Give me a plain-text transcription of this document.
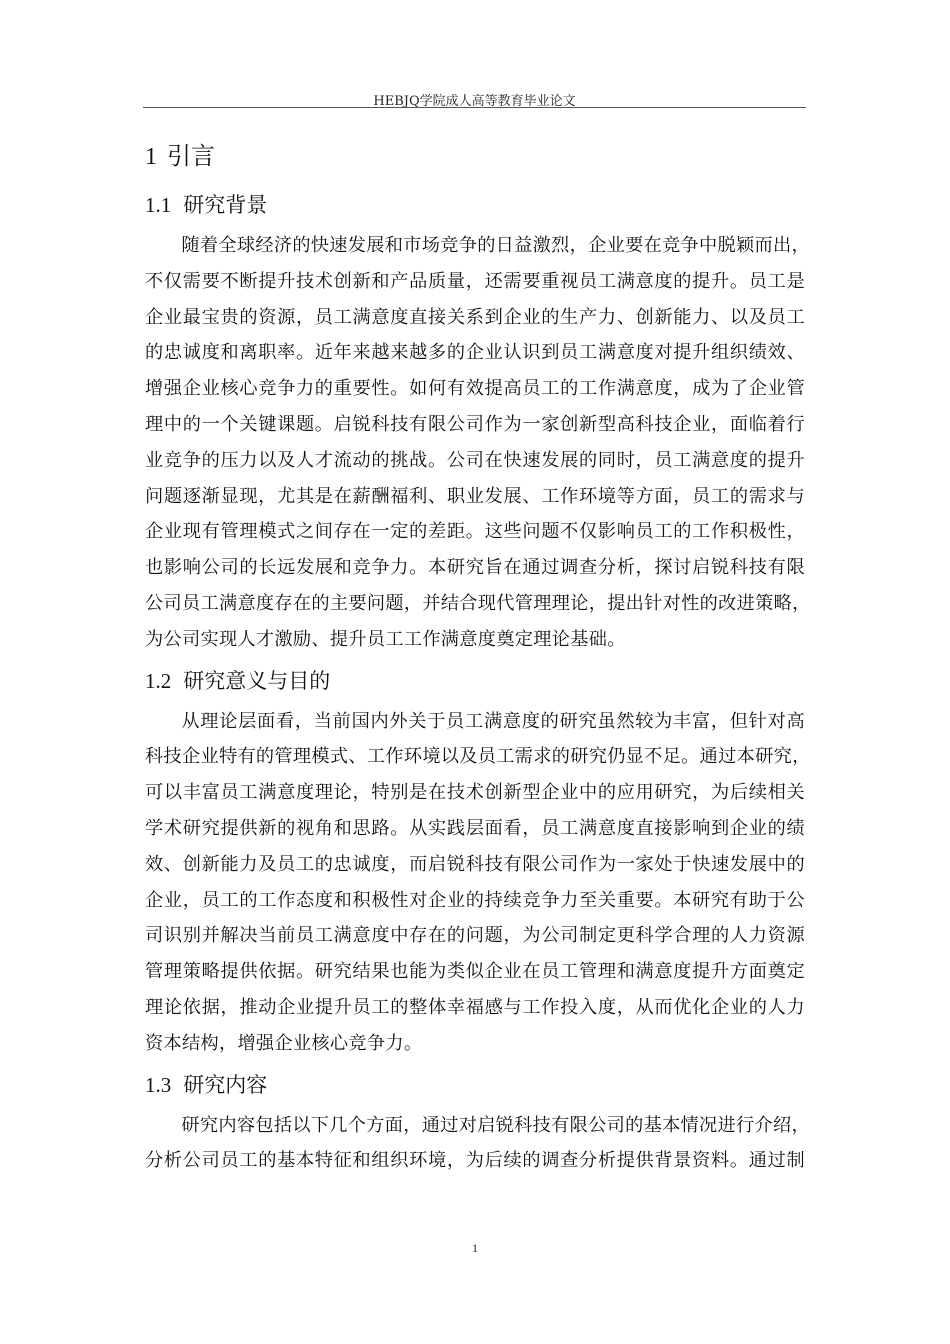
HEBJQ学院成人高等教育毕业论文
1 引言
1.1 研究背景

随着全球经济的快速发展和市场竞争的日益激烈，企业要在竞争中脱颖而出，
不仅需要不断提升技术创新和产品质量，还需要重视员工满意度的提升。员工是
企业最宝贵的资源，员工满意度直接关系到企业的生产力、创新能力、以及员工
的忠诚度和离职率。近年来越来越多的企业认识到员工满意度对提升组织绩效、
增强企业核心竞争力的重要性。如何有效提高员工的工作满意度，成为了企业管
理中的一个关键课题。启锐科技有限公司作为一家创新型高科技企业，面临着行
业竞争的压力以及人才流动的挑战。公司在快速发展的同时，员工满意度的提升
问题逐渐显现，尤其是在薪酬福利、职业发展、工作环境等方面，员工的需求与
企业现有管理模式之间存在一定的差距。这些问题不仅影响员工的工作积极性，
也影响公司的长远发展和竞争力。本研究旨在通过调查分析，探讨启锐科技有限
公司员工满意度存在的主要问题，并结合现代管理理论，提出针对性的改进策略，
为公司实现人才激励、提升员工工作满意度奠定理论基础。

1.2 研究意义与目的

从理论层面看，当前国内外关于员工满意度的研究虽然较为丰富，但针对高
科技企业特有的管理模式、工作环境以及员工需求的研究仍显不足。通过本研究，
可以丰富员工满意度理论，特别是在技术创新型企业中的应用研究，为后续相关
学术研究提供新的视角和思路。从实践层面看，员工满意度直接影响到企业的绩
效、创新能力及员工的忠诚度，而启锐科技有限公司作为一家处于快速发展中的
企业，员工的工作态度和积极性对企业的持续竞争力至关重要。本研究有助于公
司识别并解决当前员工满意度中存在的问题，为公司制定更科学合理的人力资源
管理策略提供依据。研究结果也能为类似企业在员工管理和满意度提升方面奠定
理论依据，推动企业提升员工的整体幸福感与工作投入度，从而优化企业的人力
资本结构，增强企业核心竞争力。

1.3 研究内容

研究内容包括以下几个方面，通过对启锐科技有限公司的基本情况进行介绍，
分析公司员工的基本特征和组织环境，为后续的调查分析提供背景资料。通过制

1
